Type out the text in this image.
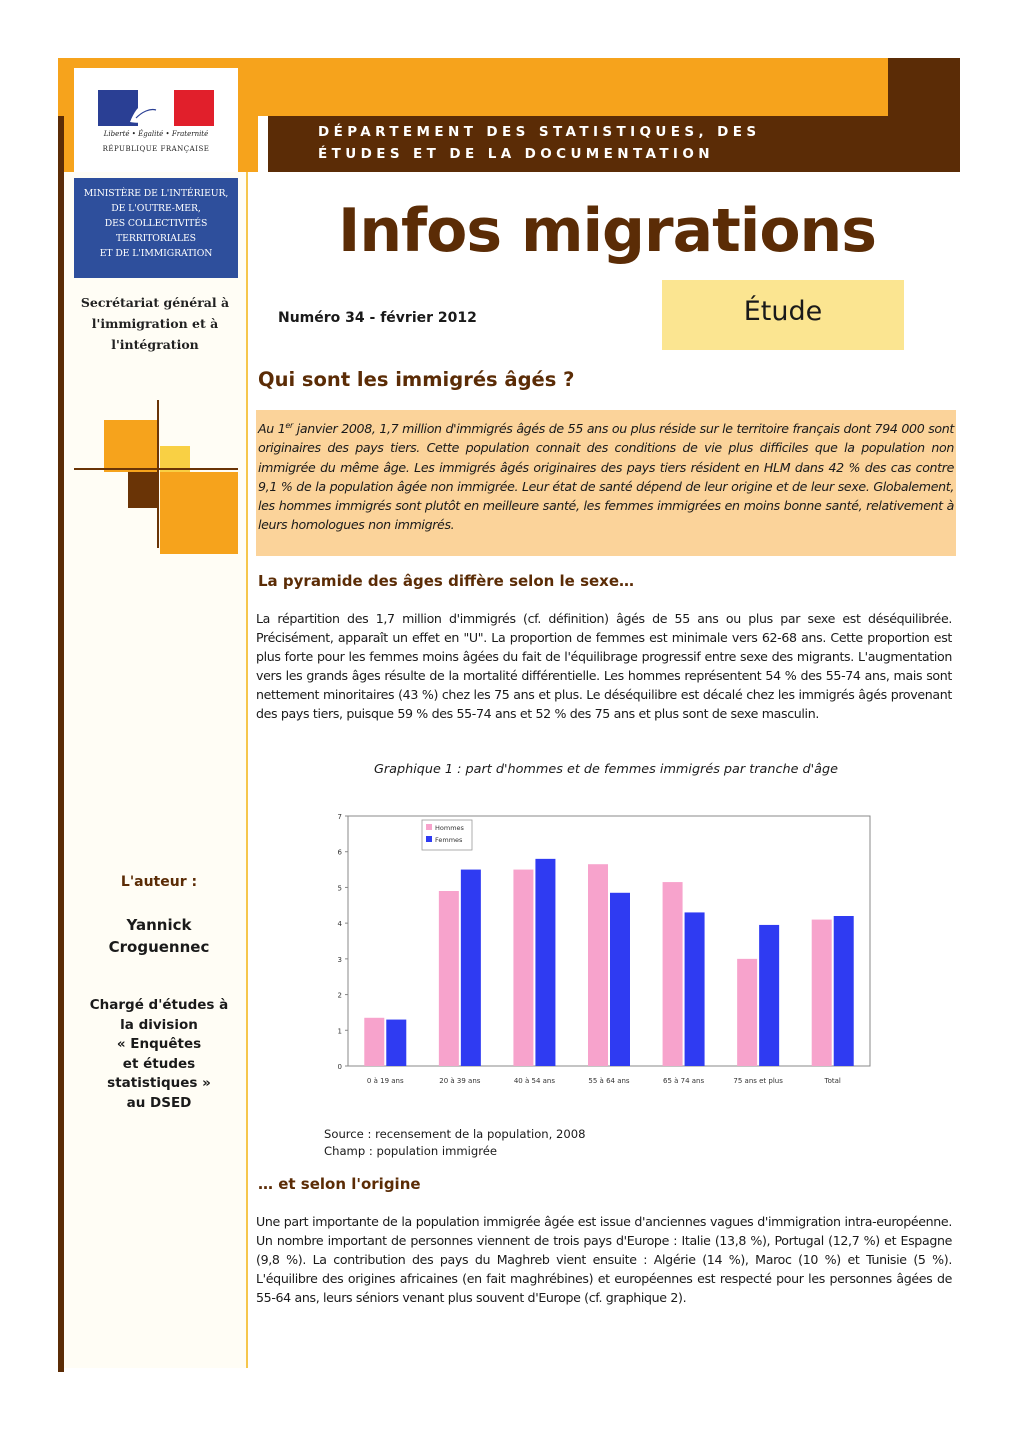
DÉPARTEMENT DES STATISTIQUES, DES
ÉTUDES ET DE LA DOCUMENTATION
Liberté • Égalité • Fraternité
RÉPUBLIQUE FRANÇAISE
MINISTÈRE DE L'INTÉRIEUR,
DE L'OUTRE-MER,
DES COLLECTIVITÉS
TERRITORIALES
ET DE L'IMMIGRATION
Secrétariat général à
l'immigration et à
l'intégration
L'auteur :
Yannick
Croguennec
Chargé d'études à
la division
« Enquêtes
et études
statistiques »
au DSED
Infos migrations
Numéro 34 - février 2012	Étude
Qui sont les immigrés âgés ?
Au 1er janvier 2008, 1,7 million d'immigrés âgés de 55 ans ou plus réside sur le territoire français dont 794 000 sont originaires des pays tiers. Cette population connait des conditions de vie plus difficiles que la population non immigrée du même âge. Les immigrés âgés originaires des pays tiers résident en HLM dans 42 % des cas contre 9,1 % de la population âgée non immigrée. Leur état de santé dépend de leur origine et de leur sexe. Globalement, les hommes immigrés sont plutôt en meilleure santé, les femmes immigrées en moins bonne santé, relativement à leurs homologues non immigrés.
La pyramide des âges diffère selon le sexe…
La répartition des 1,7 million d'immigrés (cf. définition) âgés de 55 ans ou plus par sexe est déséquilibrée. Précisément, apparaît un effet en "U". La proportion de femmes est minimale vers 62-68 ans. Cette proportion est plus forte pour les femmes moins âgées du fait de l'équilibrage progressif entre sexe des migrants. L'augmentation vers les grands âges résulte de la mortalité différentielle. Les hommes représentent 54 % des 55-74 ans, mais sont nettement minoritaires (43 %) chez les 75 ans et plus. Le déséquilibre est décalé chez les immigrés âgés provenant des pays tiers, puisque 59 % des 55-74 ans et 52 % des 75 ans et plus sont de sexe masculin.
Graphique 1 : part d'hommes et de femmes immigrés par tranche d'âge
0
1
2
3
4
5
6
7
0 à 19 ans	20 à 39 ans	40 à 54 ans	55 à 64 ans	65 à 74 ans	75 ans et plus	Total
Hommes
Femmes
Source : recensement de la population, 2008
Champ : population immigrée
… et selon l'origine
Une part importante de la population immigrée âgée est issue d'anciennes vagues d'immigration intra-européenne. Un nombre important de personnes viennent de trois pays d'Europe : Italie (13,8 %), Portugal (12,7 %) et Espagne (9,8 %). La contribution des pays du Maghreb vient ensuite : Algérie (14 %), Maroc (10 %) et Tunisie (5 %). L'équilibre des origines africaines (en fait maghrébines) et européennes est respecté pour les personnes âgées de 55-64 ans, leurs séniors venant plus souvent d'Europe (cf. graphique 2).
